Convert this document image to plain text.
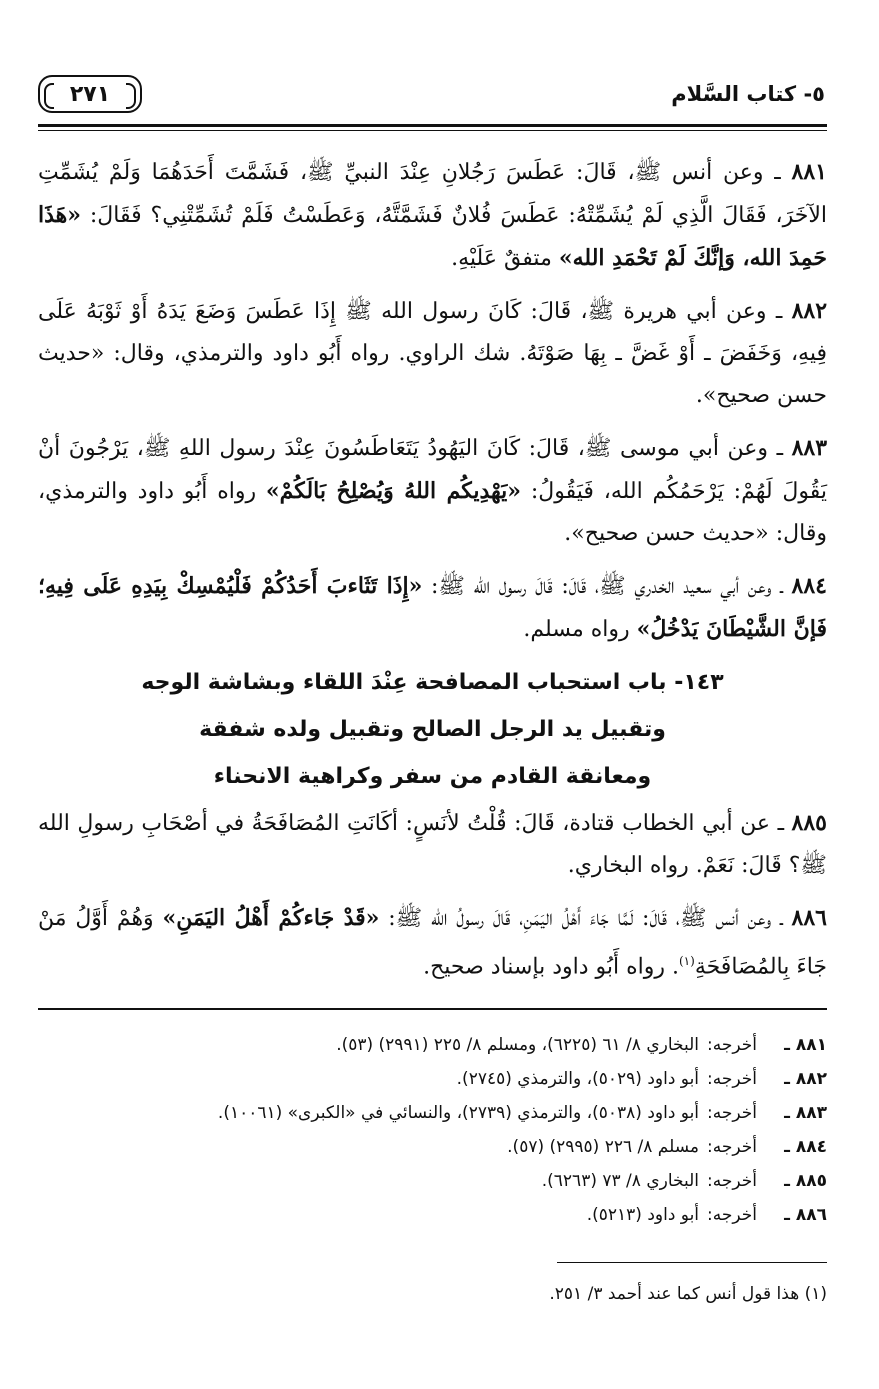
٥- كتاب السَّلام
٢٧١
٨٨١ ـ وعن أنس ﷺ، قَالَ: عَطَسَ رَجُلانِ عِنْدَ النبيِّ ﷺ، فَشَمَّتَ أَحَدَهُمَا وَلَمْ يُشَمِّتِ الآخَرَ، فَقَالَ الَّذِي لَمْ يُشَمِّتْهُ: عَطَسَ فُلانٌ فَشَمَّتَّهُ، وَعَطَسْتُ فَلَمْ تُشَمِّتْنِي؟ فَقَالَ: «هَذَا حَمِدَ الله، وَإنَّكَ لَمْ تَحْمَدِ الله» متفقٌ عَلَيْهِ.
٨٨٢ ـ وعن أبي هريرة ﷺ، قَالَ: كَانَ رسول الله ﷺ إِذَا عَطَسَ وَضَعَ يَدَهُ أَوْ ثَوْبَهُ عَلَى فِيهِ، وَخَفَضَ ـ أَوْ غَضَّ ـ بِهَا صَوْتَهُ. شك الراوي. رواه أَبُو داود والترمذي، وقال: «حديث حسن صحيح».
٨٨٣ ـ وعن أبي موسى ﷺ، قَالَ: كَانَ اليَهُودُ يَتَعَاطَسُونَ عِنْدَ رسول اللهِ ﷺ، يَرْجُونَ أنْ يَقُولَ لَهُمْ: يَرْحَمُكُم الله، فَيَقُولُ: «يَهْدِيكُم اللهُ وَيُصْلِحُ بَالَكُمْ» رواه أَبُو داود والترمذي، وقال: «حديث حسن صحيح».
٨٨٤ ـ وعن أبي سعيد الخدري ﷺ، قَالَ: قَالَ رسول الله ﷺ: «إِذَا تَثَاءبَ أَحَدُكُمْ فَلْيُمْسِكْ بِيَدِهِ عَلَى فِيهِ؛ فَإنَّ الشَّيْطَانَ يَدْخُلُ» رواه مسلم.
١٤٣- باب استحباب المصافحة عِنْدَ اللقاء وبشاشة الوجه
وتقبيل يد الرجل الصالح وتقبيل ولده شفقة
ومعانقة القادم من سفر وكراهية الانحناء
٨٨٥ ـ عن أبي الخطاب قتادة، قَالَ: قُلْتُ لأنَسٍ: أكَانَتِ المُصَافَحَةُ في أصْحَابِ رسولِ الله ﷺ؟ قَالَ: نَعَمْ. رواه البخاري.
٨٨٦ ـ وعن أنس ﷺ، قَالَ: لَمَّا جَاءَ أَهْلُ اليَمَنِ، قَالَ رسولُ الله ﷺ: «قَدْ جَاءكُمْ أَهْلُ اليَمَنِ» وَهُمْ أَوَّلُ مَنْ جَاءَ بِالمُصَافَحَةِ$^{(١)}$. رواه أَبُو داود بإسناد صحيح.
٨٨١ ـ
أخرجه:
البخاري ٨/ ٦١ (٦٢٢٥)، ومسلم ٨/ ٢٢٥ (٢٩٩١) (٥٣).
٨٨٢ ـ
أخرجه:
أبو داود (٥٠٢٩)، والترمذي (٢٧٤٥).
٨٨٣ ـ
أخرجه:
أبو داود (٥٠٣٨)، والترمذي (٢٧٣٩)، والنسائي في «الكبرى» (١٠٠٦١).
٨٨٤ ـ
أخرجه:
مسلم ٨/ ٢٢٦ (٢٩٩٥) (٥٧).
٨٨٥ ـ
أخرجه:
البخاري ٨/ ٧٣ (٦٢٦٣).
٨٨٦ ـ
أخرجه:
أبو داود (٥٢١٣).
(١) هذا قول أنس كما عند أحمد ٣/ ٢٥١.
